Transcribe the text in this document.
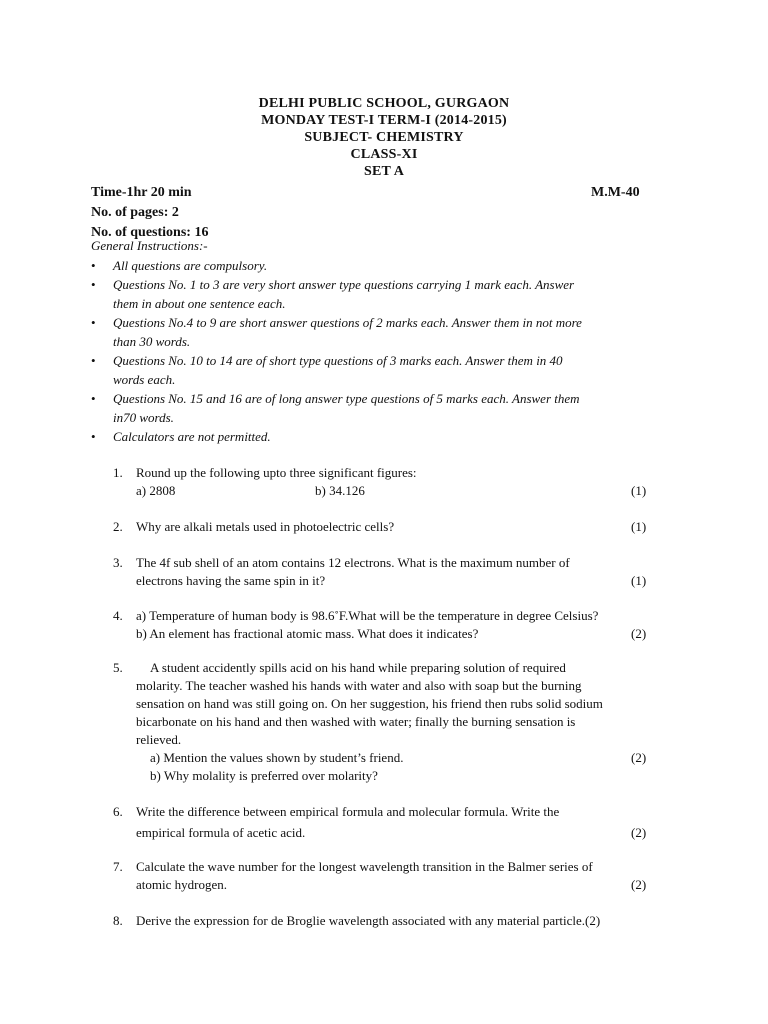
DELHI PUBLIC SCHOOL, GURGAON
MONDAY TEST-I TERM-I (2014-2015)
SUBJECT- CHEMISTRY
CLASS-XI
SET A
Time-1hr 20 min	M.M-40
No. of pages: 2
No. of questions: 16
General Instructions:-
• All questions are compulsory.
• Questions No. 1 to 3 are very short answer type questions carrying 1 mark each. Answer
them in about one sentence each.
• Questions No.4 to 9 are short answer questions of 2 marks each. Answer them in not more
than 30 words.
• Questions No. 10 to 14 are of short type questions of 3 marks each. Answer them in 40
words each.
• Questions No. 15 and 16 are of long answer type questions of 5 marks each. Answer them
in70 words.
• Calculators are not permitted.
1.	Round up the following upto three significant figures:
a) 2808	b) 34.126	(1)
2.	Why are alkali metals used in photoelectric cells?	(1)
3.	The 4f sub shell of an atom contains 12 electrons. What is the maximum number of
electrons having the same spin in it?	(1)
4.	a) Temperature of human body is 98.6˚F.What will be the temperature in degree Celsius?
b) An element has fractional atomic mass. What does it indicates?	(2)
5.	A student accidently spills acid on his hand while preparing solution of required
molarity. The teacher washed his hands with water and also with soap but the burning
sensation on hand was still going on. On her suggestion, his friend then rubs solid sodium
bicarbonate on his hand and then washed with water; finally the burning sensation is
relieved.
a) Mention the values shown by student’s friend.	(2)
b) Why molality is preferred over molarity?
6.	Write the difference between empirical formula and molecular formula. Write the
empirical formula of acetic acid.	(2)
7.	Calculate the wave number for the longest wavelength transition in the Balmer series of
atomic hydrogen.	(2)
8.	Derive the expression for de Broglie wavelength associated with any material particle.(2)
